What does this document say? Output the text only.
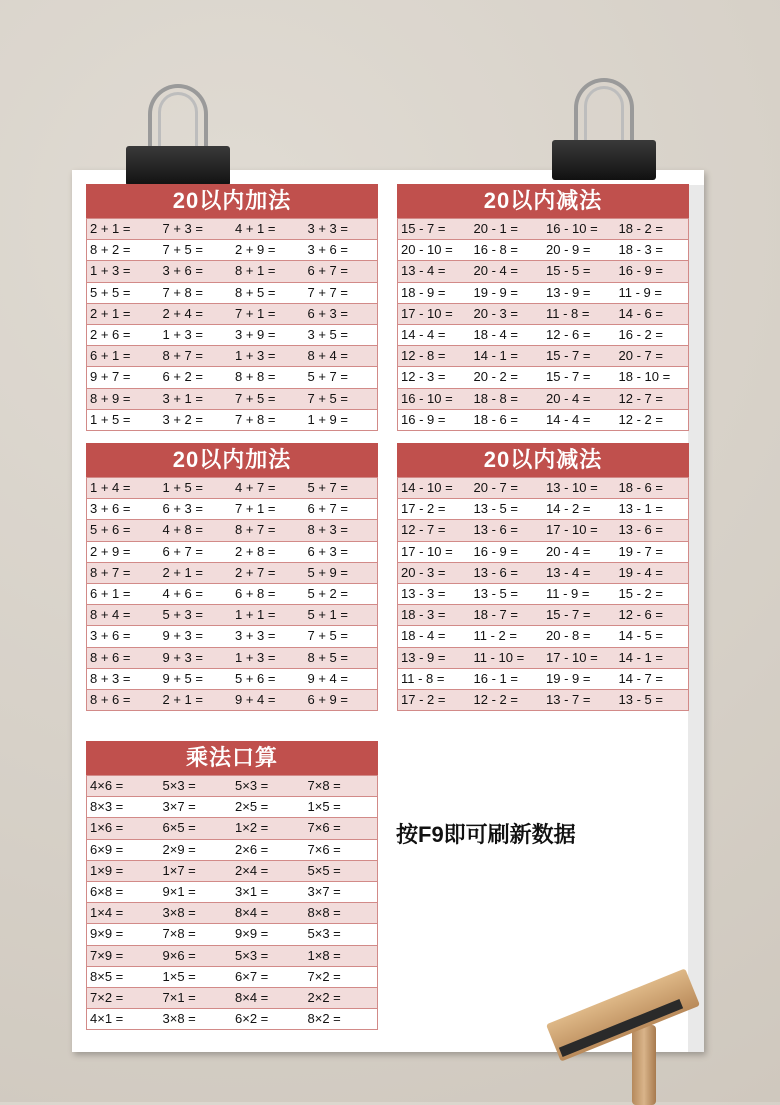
20以内加法
2 + 1 =	7 + 3 =	4 + 1 =	3 + 3 =
8 + 2 =	7 + 5 =	2 + 9 =	3 + 6 =
1 + 3 =	3 + 6 =	8 + 1 =	6 + 7 =
5 + 5 =	7 + 8 =	8 + 5 =	7 + 7 =
2 + 1 =	2 + 4 =	7 + 1 =	6 + 3 =
2 + 6 =	1 + 3 =	3 + 9 =	3 + 5 =
6 + 1 =	8 + 7 =	1 + 3 =	8 + 4 =
9 + 7 =	6 + 2 =	8 + 8 =	5 + 7 =
8 + 9 =	3 + 1 =	7 + 5 =	7 + 5 =
1 + 5 =	3 + 2 =	7 + 8 =	1 + 9 =
20以内减法
15 - 7 =	20 - 1 =	16 - 10 =	18 - 2 =
20 - 10 =	16 - 8 =	20 - 9 =	18 - 3 =
13 - 4 =	20 - 4 =	15 - 5 =	16 - 9 =
18 - 9 =	19 - 9 =	13 - 9 =	11 - 9 =
17 - 10 =	20 - 3 =	11 - 8 =	14 - 6 =
14 - 4 =	18 - 4 =	12 - 6 =	16 - 2 =
12 - 8 =	14 - 1 =	15 - 7 =	20 - 7 =
12 - 3 =	20 - 2 =	15 - 7 =	18 - 10 =
16 - 10 =	18 - 8 =	20 - 4 =	12 - 7 =
16 - 9 =	18 - 6 =	14 - 4 =	12 - 2 =
20以内加法
1 + 4 =	1 + 5 =	4 + 7 =	5 + 7 =
3 + 6 =	6 + 3 =	7 + 1 =	6 + 7 =
5 + 6 =	4 + 8 =	8 + 7 =	8 + 3 =
2 + 9 =	6 + 7 =	2 + 8 =	6 + 3 =
8 + 7 =	2 + 1 =	2 + 7 =	5 + 9 =
6 + 1 =	4 + 6 =	6 + 8 =	5 + 2 =
8 + 4 =	5 + 3 =	1 + 1 =	5 + 1 =
3 + 6 =	9 + 3 =	3 + 3 =	7 + 5 =
8 + 6 =	9 + 3 =	1 + 3 =	8 + 5 =
8 + 3 =	9 + 5 =	5 + 6 =	9 + 4 =
8 + 6 =	2 + 1 =	9 + 4 =	6 + 9 =
20以内减法
14 - 10 =	20 - 7 =	13 - 10 =	18 - 6 =
17 - 2 =	13 - 5 =	14 - 2 =	13 - 1 =
12 - 7 =	13 - 6 =	17 - 10 =	13 - 6 =
17 - 10 =	16 - 9 =	20 - 4 =	19 - 7 =
20 - 3 =	13 - 6 =	13 - 4 =	19 - 4 =
13 - 3 =	13 - 5 =	11 - 9 =	15 - 2 =
18 - 3 =	18 - 7 =	15 - 7 =	12 - 6 =
18 - 4 =	11 - 2 =	20 - 8 =	14 - 5 =
13 - 9 =	11 - 10 =	17 - 10 =	14 - 1 =
11 - 8 =	16 - 1 =	19 - 9 =	14 - 7 =
17 - 2 =	12 - 2 =	13 - 7 =	13 - 5 =
乘法口算
4×6 =	5×3 =	5×3 =	7×8 =
8×3 =	3×7 =	2×5 =	1×5 =
1×6 =	6×5 =	1×2 =	7×6 =
6×9 =	2×9 =	2×6 =	7×6 =
1×9 =	1×7 =	2×4 =	5×5 =
6×8 =	9×1 =	3×1 =	3×7 =
1×4 =	3×8 =	8×4 =	8×8 =
9×9 =	7×8 =	9×9 =	5×3 =
7×9 =	9×6 =	5×3 =	1×8 =
8×5 =	1×5 =	6×7 =	7×2 =
7×2 =	7×1 =	8×4 =	2×2 =
4×1 =	3×8 =	6×2 =	8×2 =
按F9即可刷新数据
